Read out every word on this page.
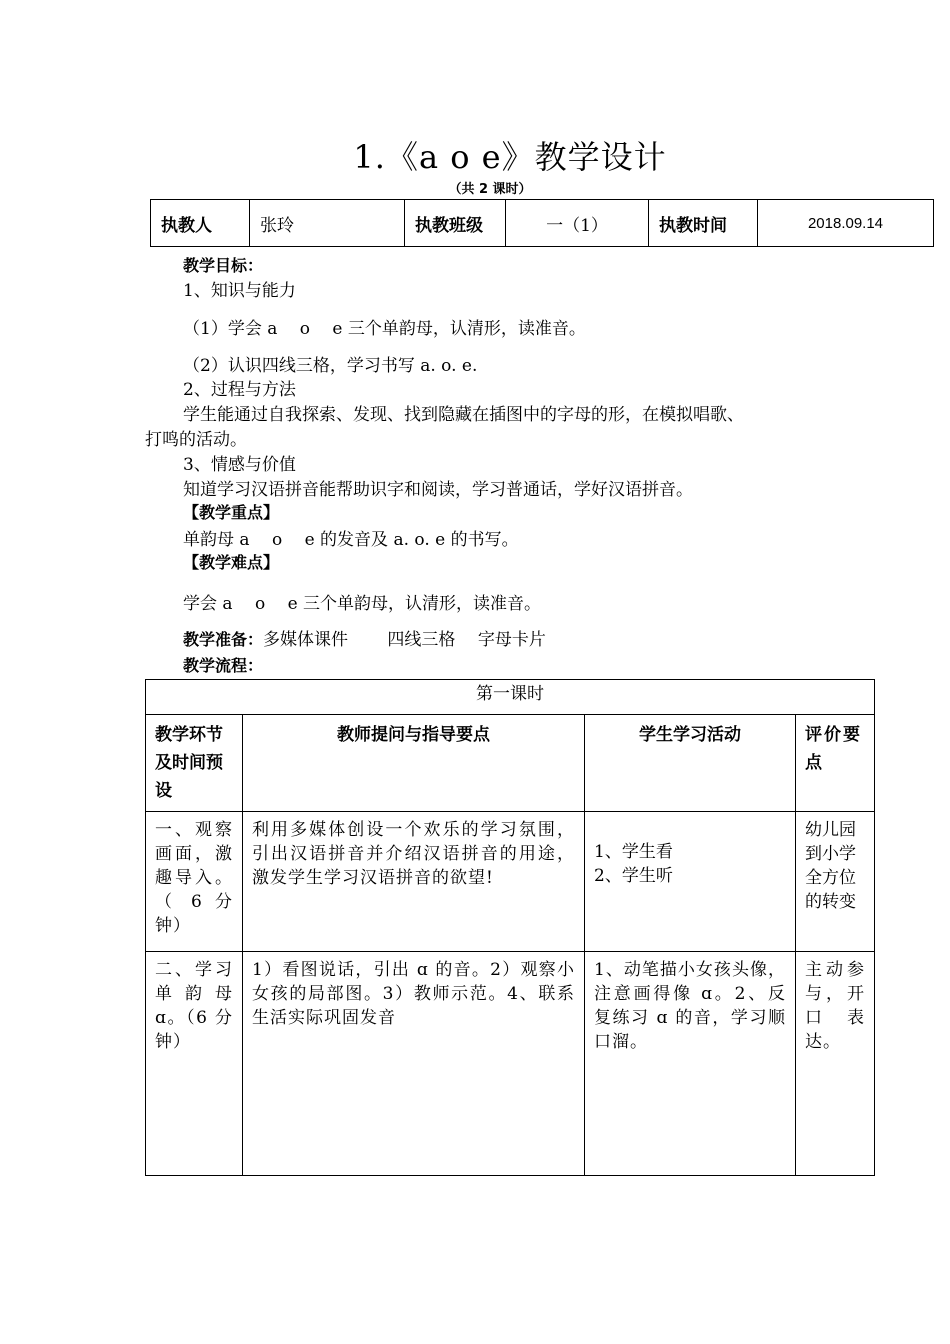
1.《a o e》教学设计
（共 2 课时）
执教人	张玲	执教班级	一（1）	执教时间	2018.09.14
教学目标：
1、知识与能力
（1）学会 a　 o　 e 三个单韵母，认清形，读准音。
（2）认识四线三格，学习书写 a. o. e.
2、过程与方法
学生能通过自我探索、发现、找到隐藏在插图中的字母的形，在模拟唱歌、
打鸣的活动。
3、情感与价值
知道学习汉语拼音能帮助识字和阅读，学习普通话，学好汉语拼音。
【教学重点】
单韵母 a　 o　 e 的发音及 a. o. e 的书写。
【教学难点】
学会 a　 o　 e 三个单韵母，认清形，读准音。
教学准备：多媒体课件　　 四线三格　 字母卡片
教学流程：
第一课时			
教学环节及时间预设	教师提问与指导要点	学生学习活动	评价要点
一、观察画面，激趣导入。（ 6 分钟）	利用多媒体创设一个欢乐的学习氛围，引出汉语拼音并介绍汉语拼音的用途，激发学生学习汉语拼音的欲望!	1、学生看
2、学生听	幼儿园到小学全方位的转变
二、学习单韵母 ɑ。（6 分钟）	1）看图说话，引出 ɑ 的音。2）观察小女孩的局部图。3）教师示范。4、联系生活实际巩固发音	1、动笔描小女孩头像，注意画得像 ɑ。2、反复练习 ɑ 的音，学习顺口溜。	主动参与，开口 表达。
